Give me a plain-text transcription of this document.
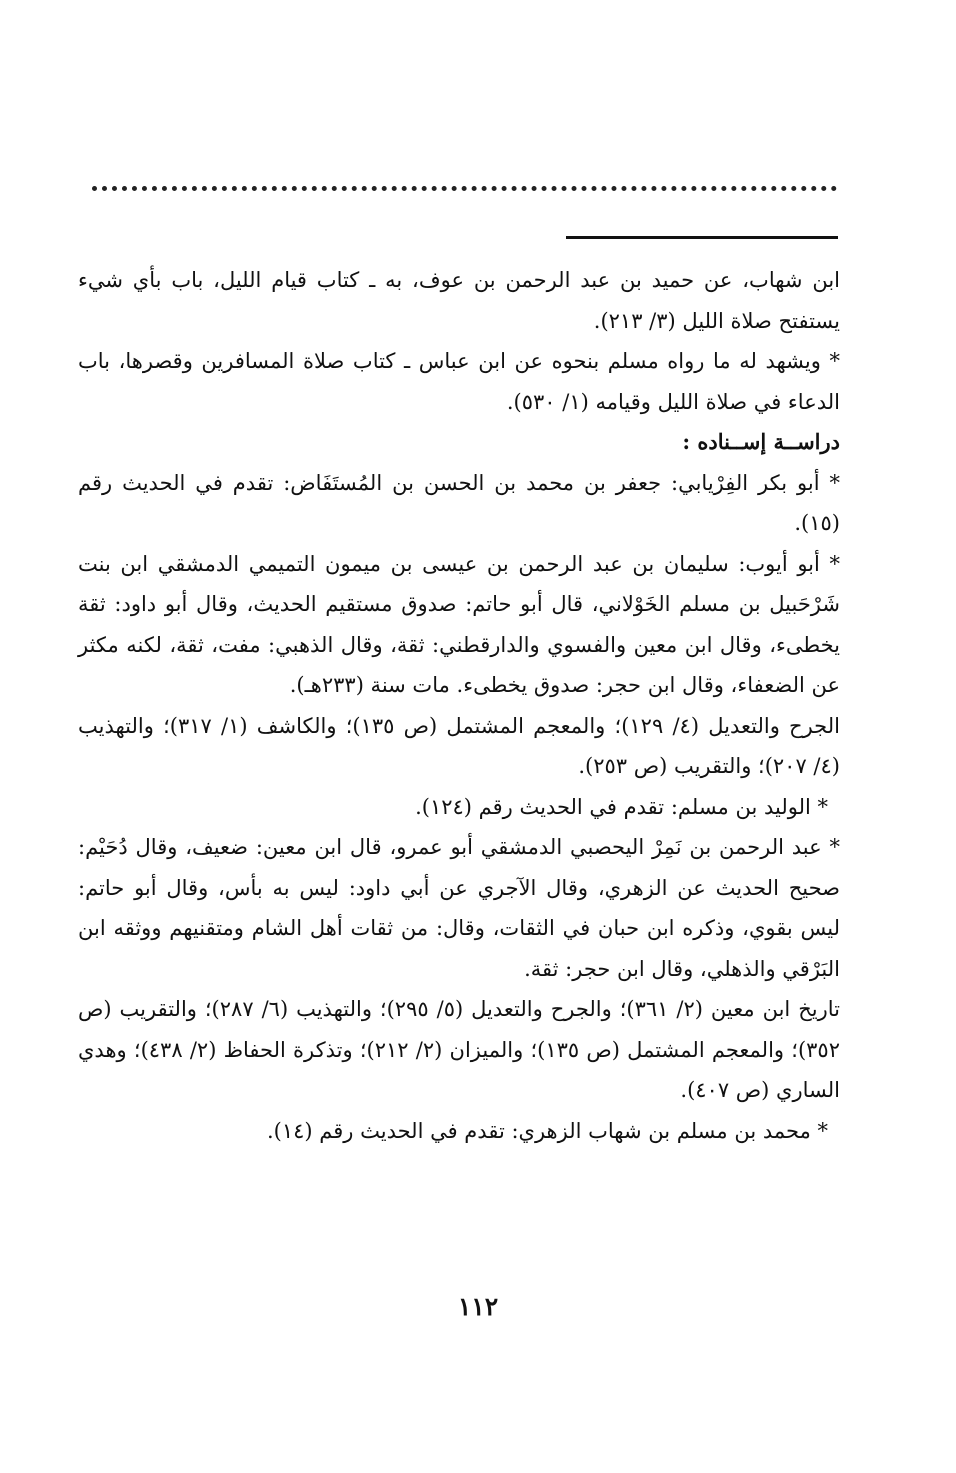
ابن شهاب، عن حميد بن عبد الرحمن بن عوف، به ـ كتاب قيام الليل، باب بأي شيء يستفتح صلاة الليل (٣/ ٢١٣).

* ويشهد له ما رواه مسلم بنحوه عن ابن عباس ـ كتاب صلاة المسافرين وقصرها، باب الدعاء في صلاة الليل وقيامه (١/ ٥٣٠).

دراســة إســناده :

* أبو بكر الفِرْيابي: جعفر بن محمد بن الحسن بن المُستَفَاض: تقدم في الحديث رقم (١٥).

* أبو أيوب: سليمان بن عبد الرحمن بن عيسى بن ميمون التميمي الدمشقي ابن بنت شَرْحَبيل بن مسلم الخَوْلاني، قال أبو حاتم: صدوق مستقيم الحديث، وقال أبو داود: ثقة يخطىء، وقال ابن معين والفسوي والدارقطني: ثقة، وقال الذهبي: مفت، ثقة، لكنه مكثر عن الضعفاء، وقال ابن حجر: صدوق يخطىء. مات سنة (٢٣٣هـ).

الجرح والتعديل (٤/ ١٢٩)؛ والمعجم المشتمل (ص ١٣٥)؛ والكاشف (١/ ٣١٧)؛ والتهذيب (٤/ ٢٠٧)؛ والتقريب (ص ٢٥٣).

* الوليد بن مسلم: تقدم في الحديث رقم (١٢٤).

* عبد الرحمن بن نَمِرْ اليحصبي الدمشقي أبو عمرو، قال ابن معين: ضعيف، وقال دُحَيْم: صحيح الحديث عن الزهري، وقال الآجري عن أبي داود: ليس به بأس، وقال أبو حاتم: ليس بقوي، وذكره ابن حبان في الثقات، وقال: من ثقات أهل الشام ومتقنيهم ووثقه ابن البَرْقي والذهلي، وقال ابن حجر: ثقة.

تاريخ ابن معين (٢/ ٣٦١)؛ والجرح والتعديل (٥/ ٢٩٥)؛ والتهذيب (٦/ ٢٨٧)؛ والتقريب (ص ٣٥٢)؛ والمعجم المشتمل (ص ١٣٥)؛ والميزان (٢/ ٢١٢)؛ وتذكرة الحفاظ (٢/ ٤٣٨)؛ وهدي الساري (ص ٤٠٧).

* محمد بن مسلم بن شهاب الزهري: تقدم في الحديث رقم (١٤).

١١٢
